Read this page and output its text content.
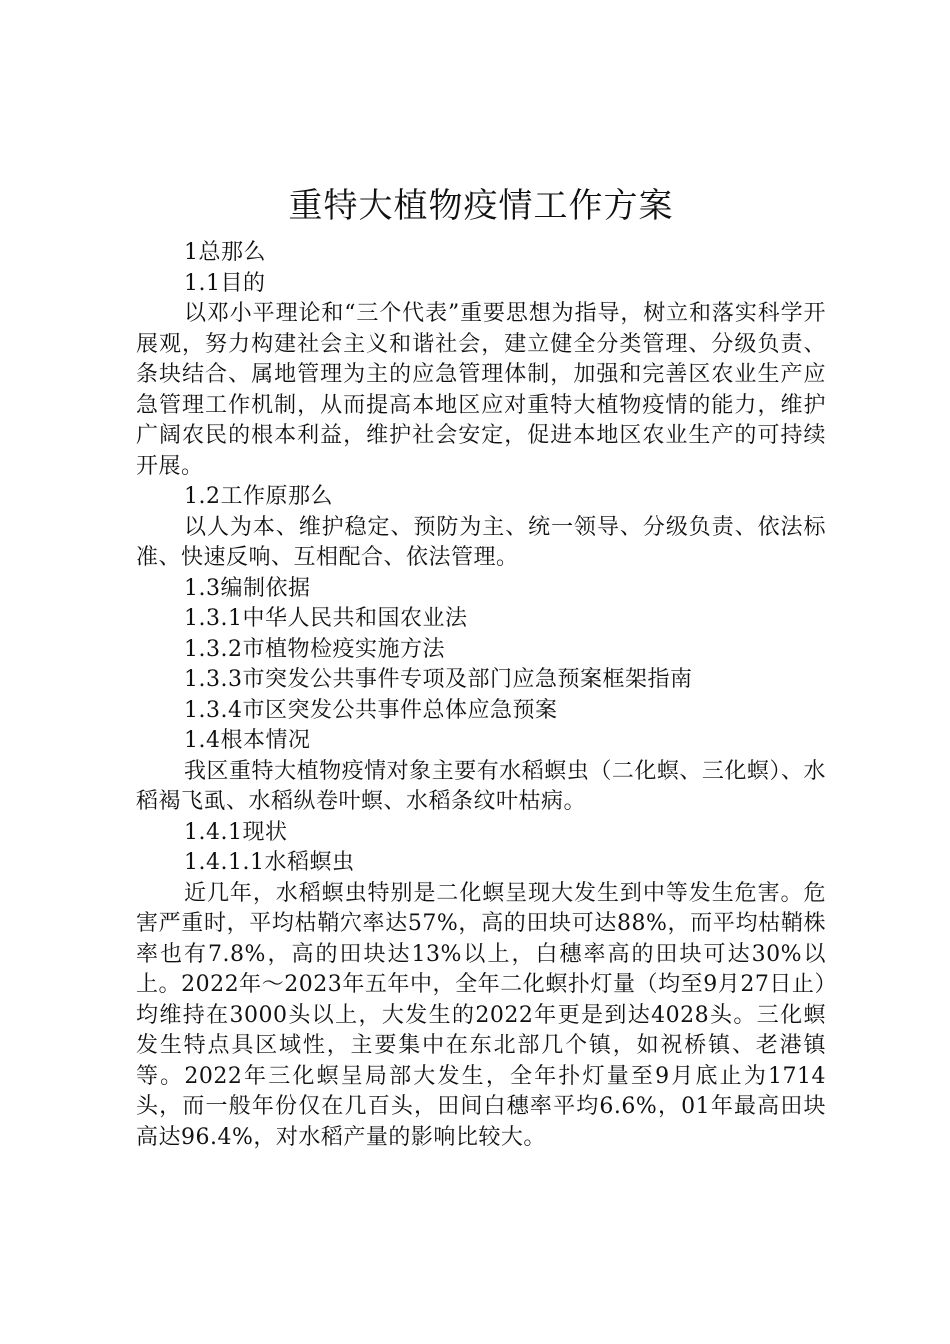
重特大植物疫情工作方案

1总那么

1.1目的

以邓小平理论和“三个代表”重要思想为指导，树立和落实科学开展观，努力构建社会主义和谐社会，建立健全分类管理、分级负责、条块结合、属地管理为主的应急管理体制，加强和完善区农业生产应急管理工作机制，从而提高本地区应对重特大植物疫情的能力，维护广阔农民的根本利益，维护社会安定，促进本地区农业生产的可持续开展。

1.2工作原那么

以人为本、维护稳定、预防为主、统一领导、分级负责、依法标准、快速反响、互相配合、依法管理。

1.3编制依据

1.3.1中华人民共和国农业法

1.3.2市植物检疫实施方法

1.3.3市突发公共事件专项及部门应急预案框架指南

1.3.4市区突发公共事件总体应急预案

1.4根本情况

我区重特大植物疫情对象主要有水稻螟虫（二化螟、三化螟）、水稻褐飞虱、水稻纵卷叶螟、水稻条纹叶枯病。

1.4.1现状

1.4.1.1水稻螟虫

近几年，水稻螟虫特别是二化螟呈现大发生到中等发生危害。危害严重时，平均枯鞘穴率达57%，高的田块可达88%，而平均枯鞘株率也有7.8%，高的田块达13%以上，白穗率高的田块可达30%以上。2022年～2023年五年中，全年二化螟扑灯量（均至9月27日止）均维持在3000头以上，大发生的2022年更是到达4028头。三化螟发生特点具区域性，主要集中在东北部几个镇，如祝桥镇、老港镇等。2022年三化螟呈局部大发生，全年扑灯量至9月底止为1714头，而一般年份仅在几百头，田间白穗率平均6.6%，01年最高田块高达96.4%，对水稻产量的影响比较大。
